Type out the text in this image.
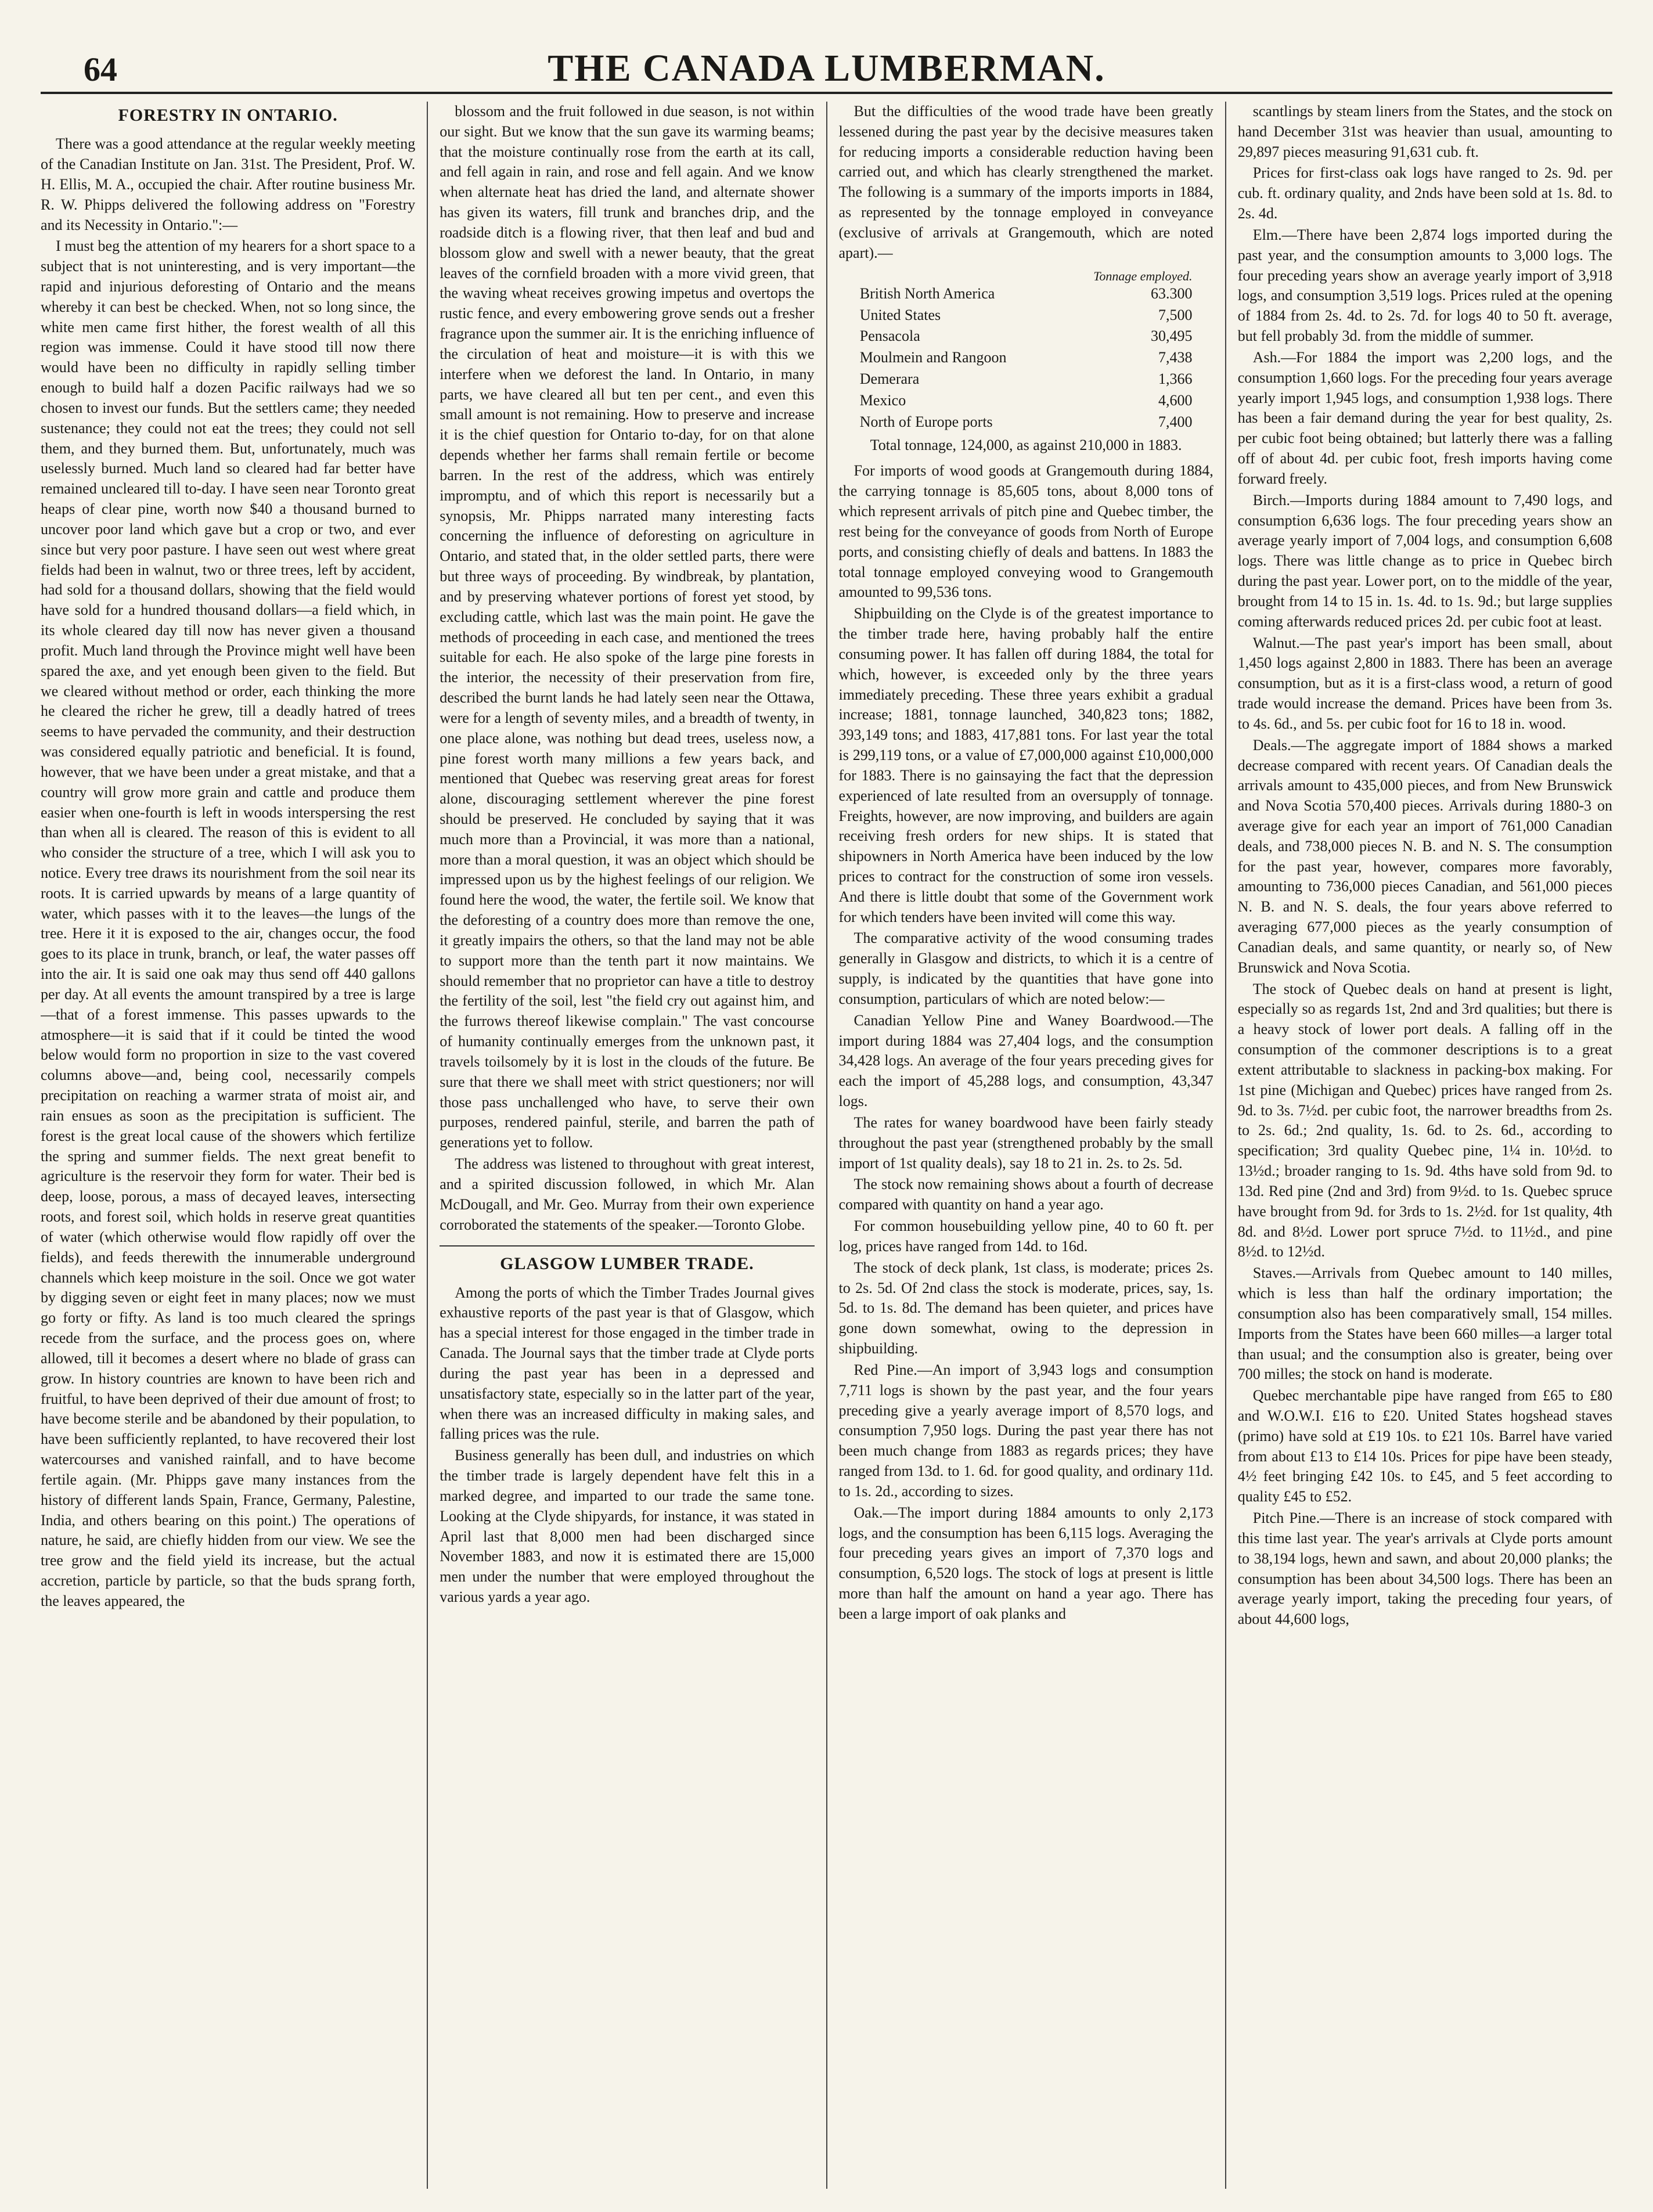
64	THE CANADA LUMBERMAN.
FORESTRY IN ONTARIO.

There was a good attendance at the regular weekly meeting of the Canadian Institute on Jan. 31st. The President, Prof. W. H. Ellis, M. A., occupied the chair. After routine business Mr. R. W. Phipps delivered the following address on "Forestry and its Necessity in Ontario.":—

I must beg the attention of my hearers for a short space to a subject that is not uninteresting, and is very important—the rapid and injurious deforesting of Ontario and the means whereby it can best be checked. When, not so long since, the white men came first hither, the forest wealth of all this region was immense. Could it have stood till now there would have been no difficulty in rapidly selling timber enough to build half a dozen Pacific railways had we so chosen to invest our funds. But the settlers came; they needed sustenance; they could not eat the trees; they could not sell them, and they burned them. But, unfortunately, much was uselessly burned. Much land so cleared had far better have remained uncleared till to-day. I have seen near Toronto great heaps of clear pine, worth now $40 a thousand burned to uncover poor land which gave but a crop or two, and ever since but very poor pasture. I have seen out west where great fields had been in walnut, two or three trees, left by accident, had sold for a thousand dollars, showing that the field would have sold for a hundred thousand dollars—a field which, in its whole cleared day till now has never given a thousand profit. Much land through the Province might well have been spared the axe, and yet enough been given to the field. But we cleared without method or order, each thinking the more he cleared the richer he grew, till a deadly hatred of trees seems to have pervaded the community, and their destruction was considered equally patriotic and beneficial. It is found, however, that we have been under a great mistake, and that a country will grow more grain and cattle and produce them easier when one-fourth is left in woods interspersing the rest than when all is cleared. The reason of this is evident to all who consider the structure of a tree, which I will ask you to notice. Every tree draws its nourishment from the soil near its roots. It is carried upwards by means of a large quantity of water, which passes with it to the leaves—the lungs of the tree. Here it it is exposed to the air, changes occur, the food goes to its place in trunk, branch, or leaf, the water passes off into the air. It is said one oak may thus send off 440 gallons per day. At all events the amount transpired by a tree is large —that of a forest immense. This passes upwards to the atmosphere—it is said that if it could be tinted the wood below would form no proportion in size to the vast covered columns above—and, being cool, necessarily compels precipitation on reaching a warmer strata of moist air, and rain ensues as soon as the precipitation is sufficient. The forest is the great local cause of the showers which fertilize the spring and summer fields. The next great benefit to agriculture is the reservoir they form for water. Their bed is deep, loose, porous, a mass of decayed leaves, intersecting roots, and forest soil, which holds in reserve great quantities of water (which otherwise would flow rapidly off over the fields), and feeds therewith the innumerable underground channels which keep moisture in the soil. Once we got water by digging seven or eight feet in many places; now we must go forty or fifty. As land is too much cleared the springs recede from the surface, and the process goes on, where allowed, till it becomes a desert where no blade of grass can grow. In history countries are known to have been rich and fruitful, to have been deprived of their due amount of frost; to have become sterile and be abandoned by their population, to have been sufficiently replanted, to have recovered their lost watercourses and vanished rainfall, and to have become fertile again. (Mr. Phipps gave many instances from the history of different lands Spain, France, Germany, Palestine, India, and others bearing on this point.) The operations of nature, he said, are chiefly hidden from our view. We see the tree grow and the field yield its increase, but the actual accretion, particle by particle, so that the buds sprang forth, the leaves appeared, the

blossom and the fruit followed in due season, is not within our sight. But we know that the sun gave its warming beams; that the moisture continually rose from the earth at its call, and fell again in rain, and rose and fell again. And we know when alternate heat has dried the land, and alternate shower has given its waters, fill trunk and branches drip, and the roadside ditch is a flowing river, that then leaf and bud and blossom glow and swell with a newer beauty, that the great leaves of the cornfield broaden with a more vivid green, that the waving wheat receives growing impetus and overtops the rustic fence, and every embowering grove sends out a fresher fragrance upon the summer air. It is the enriching influence of the circulation of heat and moisture—it is with this we interfere when we deforest the land. In Ontario, in many parts, we have cleared all but ten per cent., and even this small amount is not remaining. How to preserve and increase it is the chief question for Ontario to-day, for on that alone depends whether her farms shall remain fertile or become barren. In the rest of the address, which was entirely impromptu, and of which this report is necessarily but a synopsis, Mr. Phipps narrated many interesting facts concerning the influence of deforesting on agriculture in Ontario, and stated that, in the older settled parts, there were but three ways of proceeding. By windbreak, by plantation, and by preserving whatever portions of forest yet stood, by excluding cattle, which last was the main point. He gave the methods of proceeding in each case, and mentioned the trees suitable for each. He also spoke of the large pine forests in the interior, the necessity of their preservation from fire, described the burnt lands he had lately seen near the Ottawa, were for a length of seventy miles, and a breadth of twenty, in one place alone, was nothing but dead trees, useless now, a pine forest worth many millions a few years back, and mentioned that Quebec was reserving great areas for forest alone, discouraging settlement wherever the pine forest should be preserved. He concluded by saying that it was much more than a Provincial, it was more than a national, more than a moral question, it was an object which should be impressed upon us by the highest feelings of our religion. We found here the wood, the water, the fertile soil. We know that the deforesting of a country does more than remove the one, it greatly impairs the others, so that the land may not be able to support more than the tenth part it now maintains. We should remember that no proprietor can have a title to destroy the fertility of the soil, lest "the field cry out against him, and the furrows thereof likewise complain." The vast concourse of humanity continually emerges from the unknown past, it travels toilsomely by it is lost in the clouds of the future. Be sure that there we shall meet with strict questioners; nor will those pass unchallenged who have, to serve their own purposes, rendered painful, sterile, and barren the path of generations yet to follow.

The address was listened to throughout with great interest, and a spirited discussion followed, in which Mr. Alan McDougall, and Mr. Geo. Murray from their own experience corroborated the statements of the speaker.—Toronto Globe.

GLASGOW LUMBER TRADE.

Among the ports of which the Timber Trades Journal gives exhaustive reports of the past year is that of Glasgow, which has a special interest for those engaged in the timber trade in Canada. The Journal says that the timber trade at Clyde ports during the past year has been in a depressed and unsatisfactory state, especially so in the latter part of the year, when there was an increased difficulty in making sales, and falling prices was the rule.

Business generally has been dull, and industries on which the timber trade is largely dependent have felt this in a marked degree, and imparted to our trade the same tone. Looking at the Clyde shipyards, for instance, it was stated in April last that 8,000 men had been discharged since November 1883, and now it is estimated there are 15,000 men under the number that were employed throughout the various yards a year ago.

But the difficulties of the wood trade have been greatly lessened during the past year by the decisive measures taken for reducing imports a considerable reduction having been carried out, and which has clearly strengthened the market. The following is a summary of the imports imports in 1884, as represented by the tonnage employed in conveyance (exclusive of arrivals at Grangemouth, which are noted apart).—

	Tonnage employed.
British North America	63.300
United States	7,500
Pensacola	30,495
Moulmein and Rangoon	7,438
Demerara	1,366
Mexico	4,600
North of Europe ports	7,400
Total tonnage, 124,000, as against 210,000 in 1883.

For imports of wood goods at Grangemouth during 1884, the carrying tonnage is 85,605 tons, about 8,000 tons of which represent arrivals of pitch pine and Quebec timber, the rest being for the conveyance of goods from North of Europe ports, and consisting chiefly of deals and battens. In 1883 the total tonnage employed conveying wood to Grangemouth amounted to 99,536 tons.

Shipbuilding on the Clyde is of the greatest importance to the timber trade here, having probably half the entire consuming power. It has fallen off during 1884, the total for which, however, is exceeded only by the three years immediately preceding. These three years exhibit a gradual increase; 1881, tonnage launched, 340,823 tons; 1882, 393,149 tons; and 1883, 417,881 tons. For last year the total is 299,119 tons, or a value of £7,000,000 against £10,000,000 for 1883. There is no gainsaying the fact that the depression experienced of late resulted from an oversupply of tonnage. Freights, however, are now improving, and builders are again receiving fresh orders for new ships. It is stated that shipowners in North America have been induced by the low prices to contract for the construction of some iron vessels. And there is little doubt that some of the Government work for which tenders have been invited will come this way.

The comparative activity of the wood consuming trades generally in Glasgow and districts, to which it is a centre of supply, is indicated by the quantities that have gone into consumption, particulars of which are noted below:—

Canadian Yellow Pine and Waney Boardwood.—The import during 1884 was 27,404 logs, and the consumption 34,428 logs. An average of the four years preceding gives for each the import of 45,288 logs, and consumption, 43,347 logs.

The rates for waney boardwood have been fairly steady throughout the past year (strengthened probably by the small import of 1st quality deals), say 18 to 21 in. 2s. to 2s. 5d.

The stock now remaining shows about a fourth of decrease compared with quantity on hand a year ago.

For common housebuilding yellow pine, 40 to 60 ft. per log, prices have ranged from 14d. to 16d.

The stock of deck plank, 1st class, is moderate; prices 2s. to 2s. 5d. Of 2nd class the stock is moderate, prices, say, 1s. 5d. to 1s. 8d. The demand has been quieter, and prices have gone down somewhat, owing to the depression in shipbuilding.

Red Pine.—An import of 3,943 logs and consumption 7,711 logs is shown by the past year, and the four years preceding give a yearly average import of 8,570 logs, and consumption 7,950 logs. During the past year there has not been much change from 1883 as regards prices; they have ranged from 13d. to 1. 6d. for good quality, and ordinary 11d. to 1s. 2d., according to sizes.

Oak.—The import during 1884 amounts to only 2,173 logs, and the consumption has been 6,115 logs. Averaging the four preceding years gives an import of 7,370 logs and consumption, 6,520 logs. The stock of logs at present is little more than half the amount on hand a year ago. There has been a large import of oak planks and

scantlings by steam liners from the States, and the stock on hand December 31st was heavier than usual, amounting to 29,897 pieces measuring 91,631 cub. ft.

Prices for first-class oak logs have ranged to 2s. 9d. per cub. ft. ordinary quality, and 2nds have been sold at 1s. 8d. to 2s. 4d.

Elm.—There have been 2,874 logs imported during the past year, and the consumption amounts to 3,000 logs. The four preceding years show an average yearly import of 3,918 logs, and consumption 3,519 logs. Prices ruled at the opening of 1884 from 2s. 4d. to 2s. 7d. for logs 40 to 50 ft. average, but fell probably 3d. from the middle of summer.

Ash.—For 1884 the import was 2,200 logs, and the consumption 1,660 logs. For the preceding four years average yearly import 1,945 logs, and consumption 1,938 logs. There has been a fair demand during the year for best quality, 2s. per cubic foot being obtained; but latterly there was a falling off of about 4d. per cubic foot, fresh imports having come forward freely.

Birch.—Imports during 1884 amount to 7,490 logs, and consumption 6,636 logs. The four preceding years show an average yearly import of 7,004 logs, and consumption 6,608 logs. There was little change as to price in Quebec birch during the past year. Lower port, on to the middle of the year, brought from 14 to 15 in. 1s. 4d. to 1s. 9d.; but large supplies coming afterwards reduced prices 2d. per cubic foot at least.

Walnut.—The past year's import has been small, about 1,450 logs against 2,800 in 1883. There has been an average consumption, but as it is a first-class wood, a return of good trade would increase the demand. Prices have been from 3s. to 4s. 6d., and 5s. per cubic foot for 16 to 18 in. wood.

Deals.—The aggregate import of 1884 shows a marked decrease compared with recent years. Of Canadian deals the arrivals amount to 435,000 pieces, and from New Brunswick and Nova Scotia 570,400 pieces. Arrivals during 1880-3 on average give for each year an import of 761,000 Canadian deals, and 738,000 pieces N. B. and N. S. The consumption for the past year, however, compares more favorably, amounting to 736,000 pieces Canadian, and 561,000 pieces N. B. and N. S. deals, the four years above referred to averaging 677,000 pieces as the yearly consumption of Canadian deals, and same quantity, or nearly so, of New Brunswick and Nova Scotia.

The stock of Quebec deals on hand at present is light, especially so as regards 1st, 2nd and 3rd qualities; but there is a heavy stock of lower port deals. A falling off in the consumption of the commoner descriptions is to a great extent attributable to slackness in packing-box making. For 1st pine (Michigan and Quebec) prices have ranged from 2s. 9d. to 3s. 7½d. per cubic foot, the narrower breadths from 2s. to 2s. 6d.; 2nd quality, 1s. 6d. to 2s. 6d., according to specification; 3rd quality Quebec pine, 1¼ in. 10½d. to 13½d.; broader ranging to 1s. 9d. 4ths have sold from 9d. to 13d. Red pine (2nd and 3rd) from 9½d. to 1s. Quebec spruce have brought from 9d. for 3rds to 1s. 2½d. for 1st quality, 4th 8d. and 8½d. Lower port spruce 7½d. to 11½d., and pine 8½d. to 12½d.

Staves.—Arrivals from Quebec amount to 140 milles, which is less than half the ordinary importation; the consumption also has been comparatively small, 154 milles. Imports from the States have been 660 milles—a larger total than usual; and the consumption also is greater, being over 700 milles; the stock on hand is moderate.

Quebec merchantable pipe have ranged from £65 to £80 and W.O.W.I. £16 to £20. United States hogshead staves (primo) have sold at £19 10s. to £21 10s. Barrel have varied from about £13 to £14 10s. Prices for pipe have been steady, 4½ feet bringing £42 10s. to £45, and 5 feet according to quality £45 to £52.

Pitch Pine.—There is an increase of stock compared with this time last year. The year's arrivals at Clyde ports amount to 38,194 logs, hewn and sawn, and about 20,000 planks; the consumption has been about 34,500 logs. There has been an average yearly import, taking the preceding four years, of about 44,600 logs,
